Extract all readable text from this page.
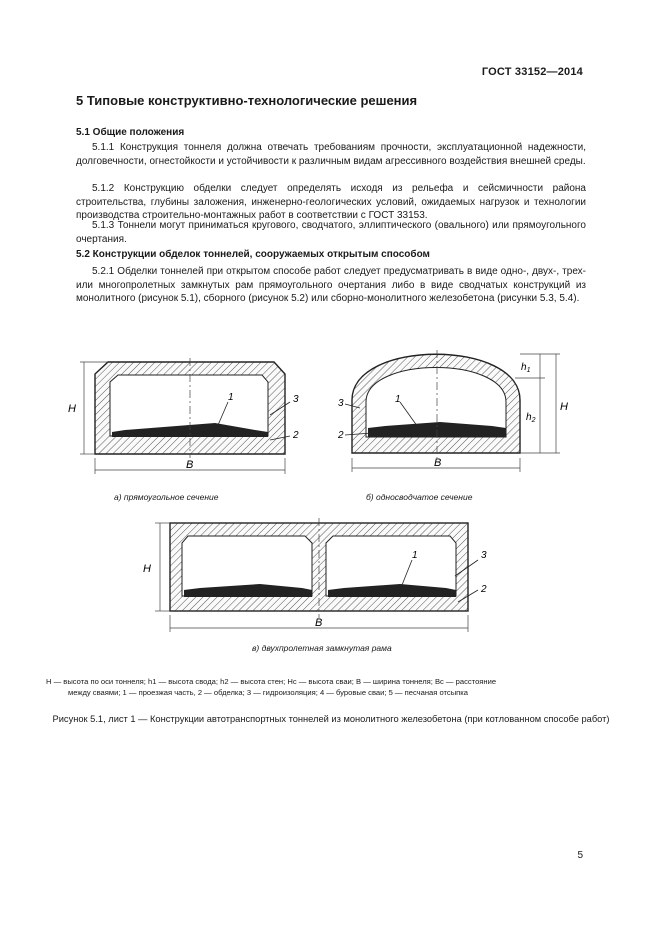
ГОСТ 33152—2014
5 Типовые конструктивно-технологические решения
5.1 Общие положения
5.1.1 Конструкция тоннеля должна отвечать требованиям прочности, эксплуатационной надежности, долговечности, огнестойкости и устойчивости к различным видам агрессивного воздействия внешней среды.
5.1.2 Конструкцию обделки следует определять исходя из рельефа и сейсмичности района строительства, глубины заложения, инженерно-геологических условий, ожидаемых нагрузок и технологии производства строительно-монтажных работ в соответствии с ГОСТ 33153.
5.1.3 Тоннели могут приниматься кругового, сводчатого, эллиптического (овального) или прямоугольного очертания.
5.2 Конструкции обделок тоннелей, сооружаемых открытым способом
5.2.1 Обделки тоннелей при открытом способе работ следует предусматривать в виде одно-, двух-, трех- или многопролетных замкнутых рам прямоугольного очертания либо в виде сводчатых конструкций из монолитного (рисунок 5.1), сборного (рисунок 5.2) или сборно-монолитного железобетона (рисунки 5.3, 5.4).
H
B
1	3
2
$h_1$
$h_2$
H
B
1
3
2
H
B
1	3
2
а) прямоугольное сечение	б) односводчатое сечение
в) двухпролетная замкнутая рама
H — высота по оси тоннеля; h1 — высота свода; h2 — высота стен; Hc — высота сваи; B — ширина тоннеля; Bc — расстояние
между сваями; 1 — проезжая часть, 2 — обделка; 3 — гидроизоляция; 4 — буровые сваи; 5 — песчаная отсыпка
Рисунок 5.1, лист 1 — Конструкции автотранспортных тоннелей из монолитного железобетона (при котлованном способе работ)
5
